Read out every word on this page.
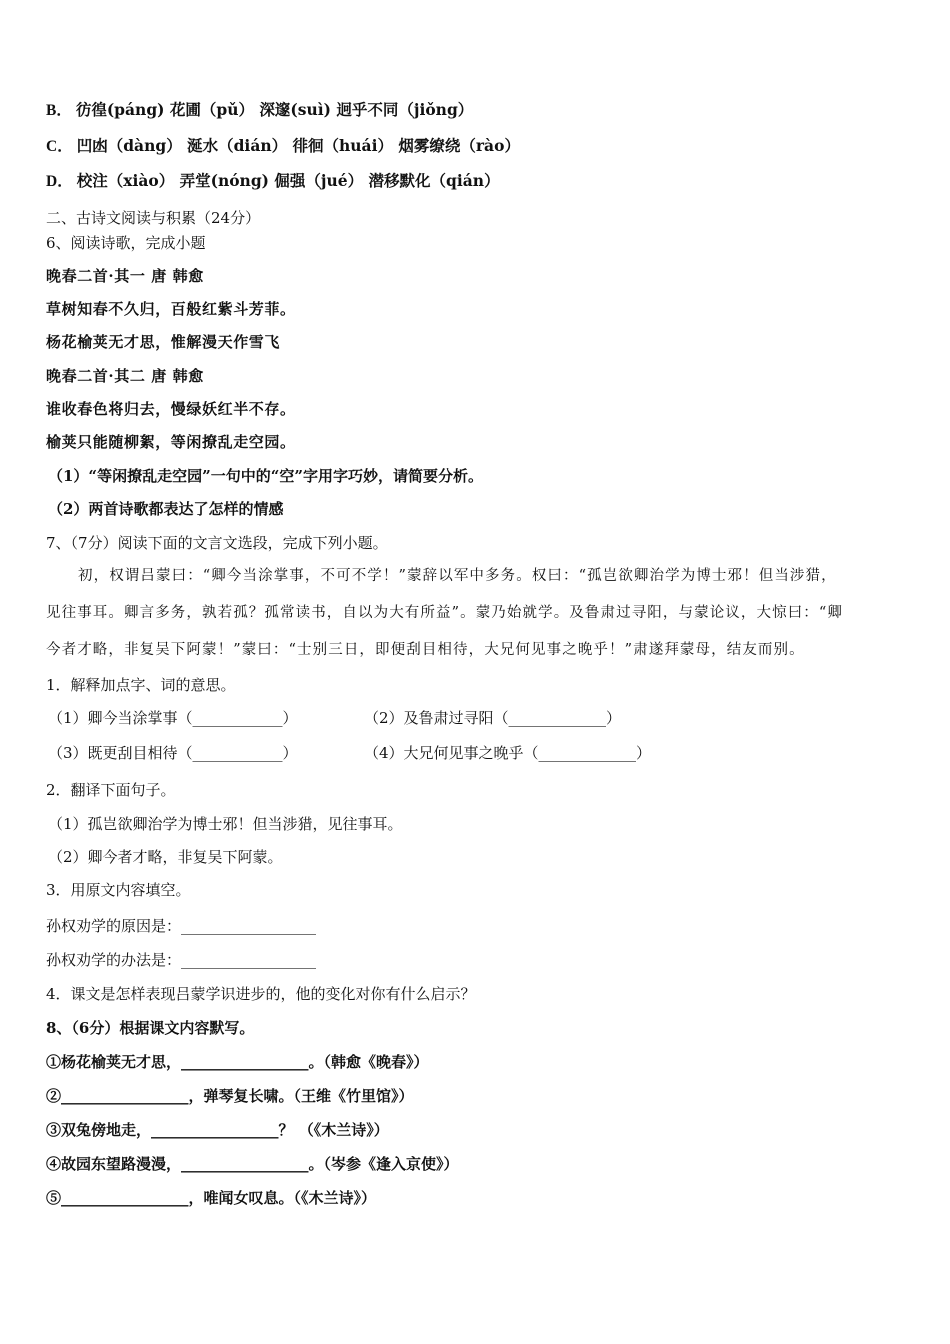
B． 彷徨(páng) 花圃（pǔ） 深邃(suì) 迥乎不同（jiǒng）
C． 凹凼（dàng） 涎水（dián） 徘徊（huái） 烟雾缭绕（rào）
D． 校注（xiào） 弄堂(nóng) 倔强（jué） 潜移默化（qián）
二、古诗文阅读与积累（24分）
6、阅读诗歌，完成小题
晚春二首·其一 唐 韩愈
草树知春不久归，百般红紫斗芳菲。
杨花榆荚无才思，惟解漫天作雪飞
晚春二首·其二 唐 韩愈
谁收春色将归去，慢绿妖红半不存。
榆荚只能随柳絮，等闲撩乱走空园。
（1）“等闲撩乱走空园”一句中的“空”字用字巧妙，请简要分析。
（2）两首诗歌都表达了怎样的情感
7、（7分）阅读下面的文言文选段，完成下列小题。
初，权谓吕蒙曰：“卿今当涂掌事，不可不学！”蒙辞以军中多务。权曰：“孤岂欲卿治学为博士邪！但当涉猎，
见往事耳。卿言多务，孰若孤？孤常读书，自以为大有所益”。蒙乃始就学。及鲁肃过寻阳，与蒙论议，大惊曰：“卿
今者才略，非复吴下阿蒙！”蒙曰：“士别三日，即便刮目相待，大兄何见事之晚乎！”肃遂拜蒙母，结友而别。
1．解释加点字、词的意思。
（1）卿今当涂掌事（____________）	（2）及鲁肃过寻阳（_____________）
（3）既更刮目相待（____________）	（4）大兄何见事之晚乎（_____________）
2．翻译下面句子。
（1）孤岂欲卿治学为博士邪！但当涉猎，见往事耳。
（2）卿今者才略，非复吴下阿蒙。
3．用原文内容填空。
孙权劝学的原因是：__________________
孙权劝学的办法是：__________________
4．课文是怎样表现吕蒙学识进步的，他的变化对你有什么启示？
8、（6分）根据课文内容默写。
①杨花榆荚无才思，_________________。（韩愈《晚春》）
②_________________，弹琴复长啸。（王维《竹里馆》）
③双兔傍地走，_________________？ （《木兰诗》）
④故园东望路漫漫，_________________。（岑参《逢入京使》）
⑤_________________，唯闻女叹息。（《木兰诗》）
